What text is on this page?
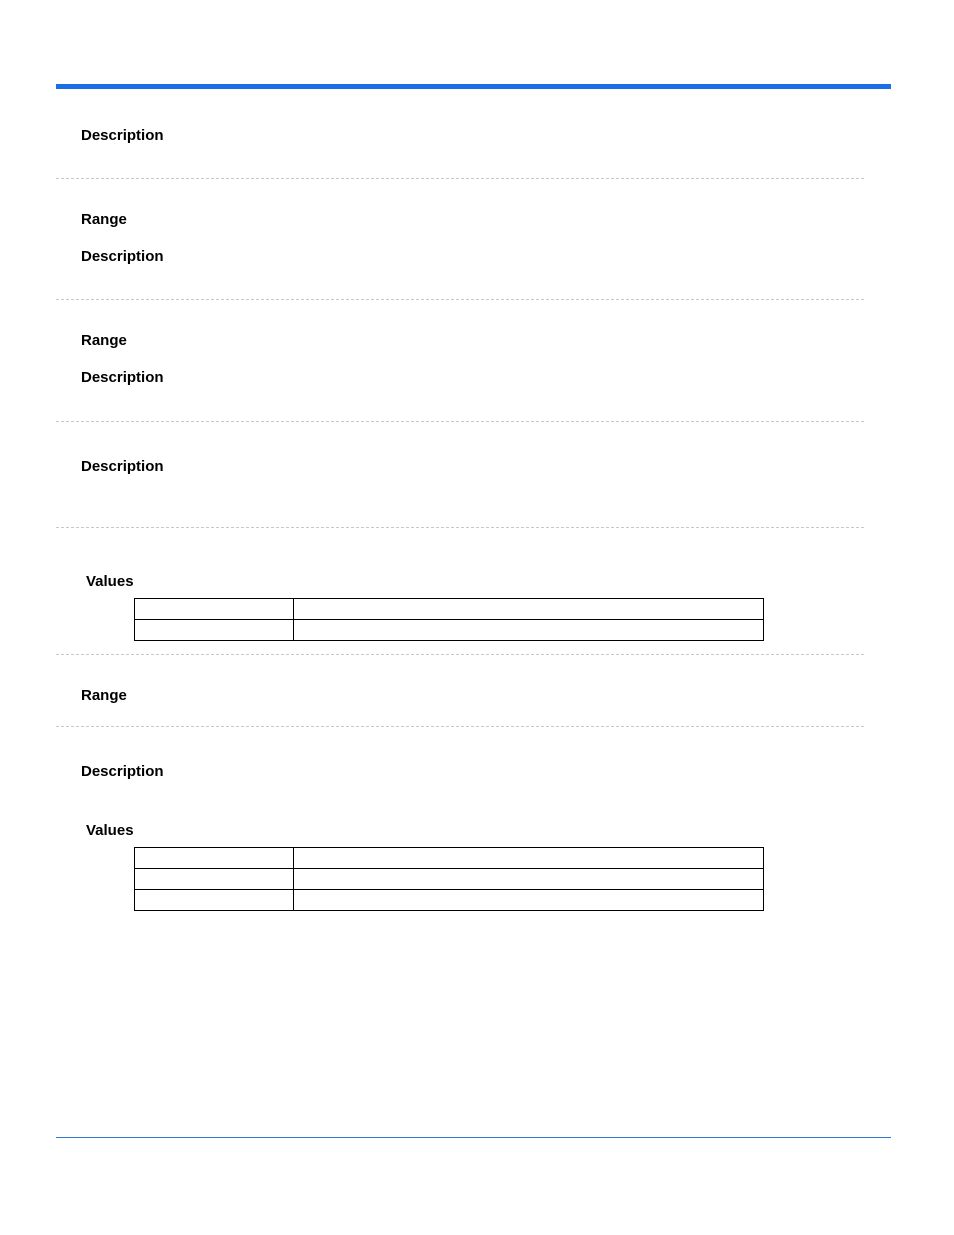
Description
Range
Description
Range
Description
Description
Values

Range
Description
Values
